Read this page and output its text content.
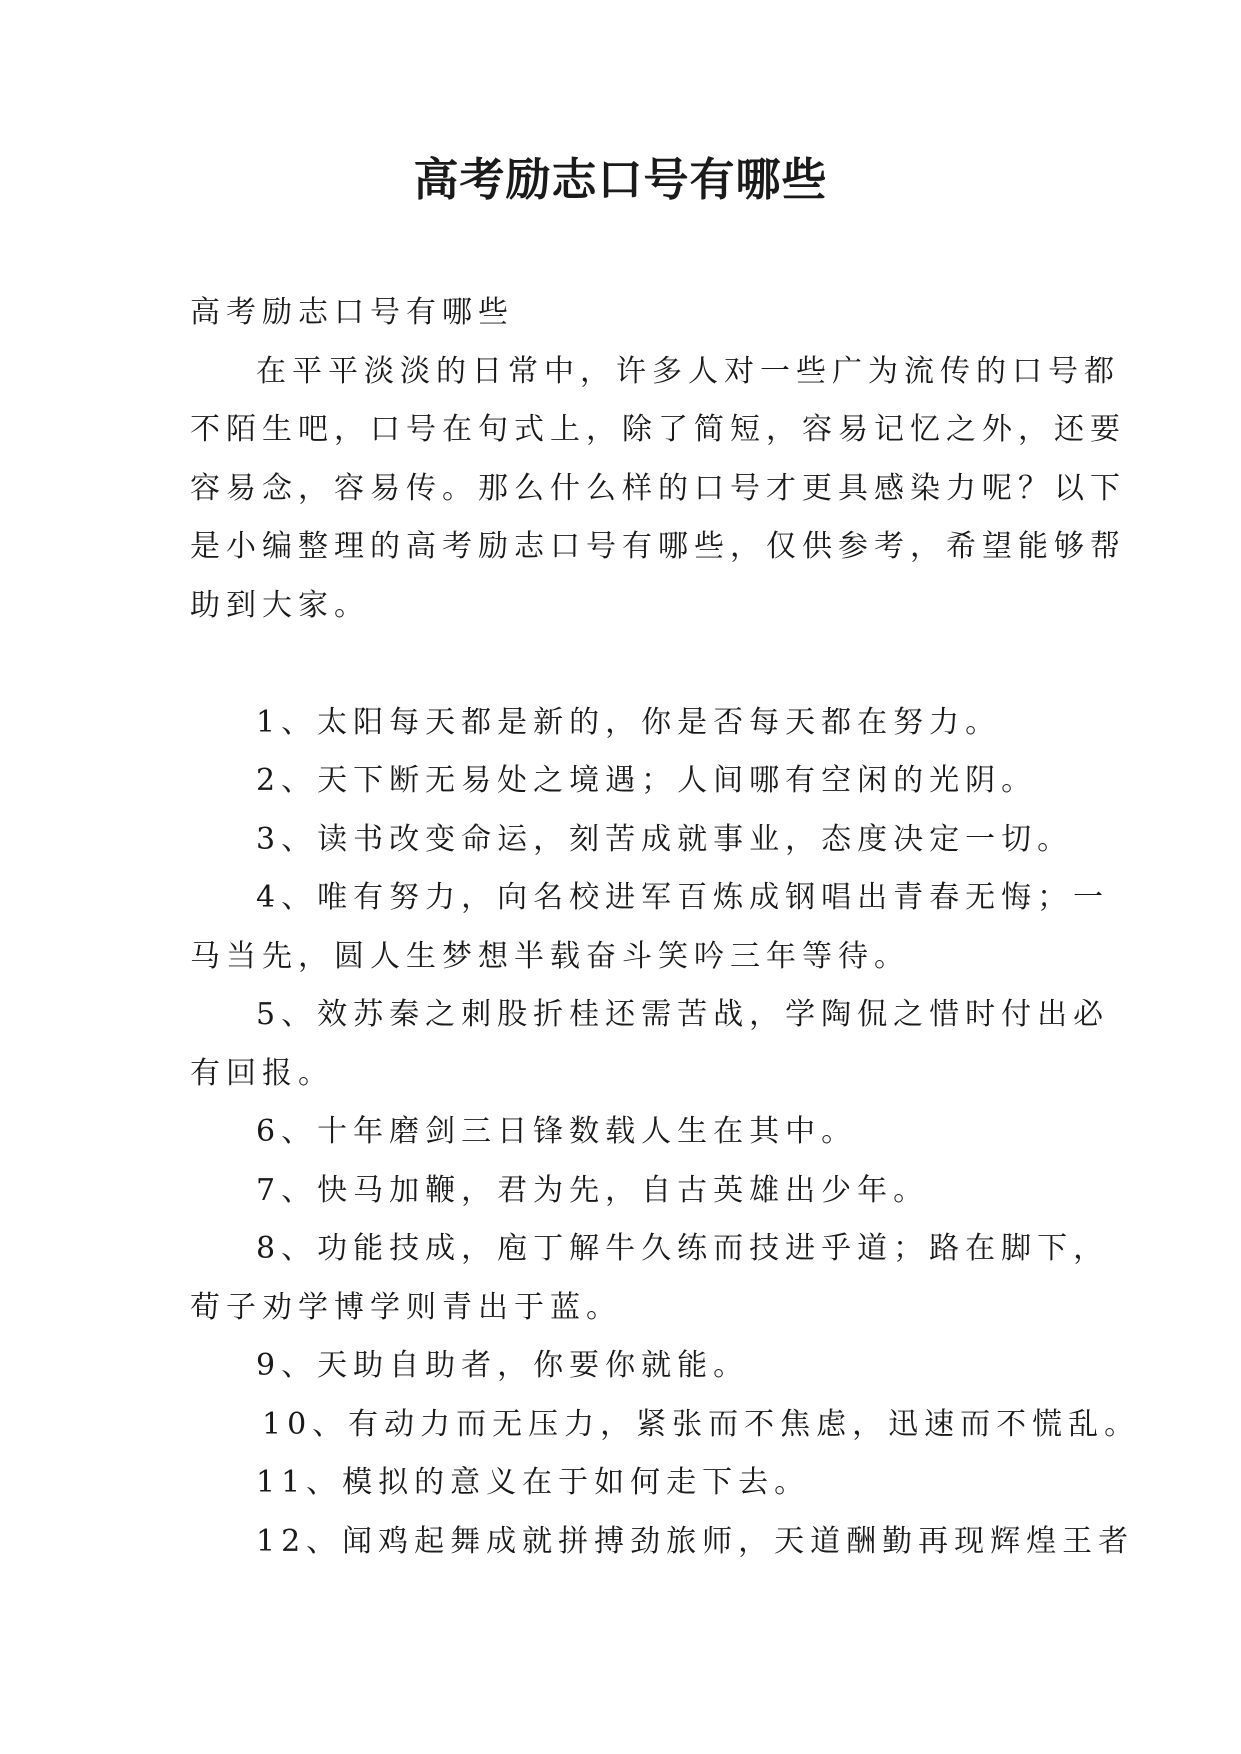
高考励志口号有哪些
高考励志口号有哪些
在平平淡淡的日常中，许多人对一些广为流传的口号都
不陌生吧，口号在句式上，除了简短，容易记忆之外，还要
容易念，容易传。那么什么样的口号才更具感染力呢？以下
是小编整理的高考励志口号有哪些，仅供参考，希望能够帮
助到大家。
1、太阳每天都是新的，你是否每天都在努力。
2、天下断无易处之境遇；人间哪有空闲的光阴。
3、读书改变命运，刻苦成就事业，态度决定一切。
4、唯有努力，向名校进军百炼成钢唱出青春无悔；一
马当先，圆人生梦想半载奋斗笑吟三年等待。
5、效苏秦之刺股折桂还需苦战，学陶侃之惜时付出必
有回报。
6、十年磨剑三日锋数载人生在其中。
7、快马加鞭，君为先，自古英雄出少年。
8、功能技成，庖丁解牛久练而技进乎道；路在脚下，
荀子劝学博学则青出于蓝。
9、天助自助者，你要你就能。
10、有动力而无压力，紧张而不焦虑，迅速而不慌乱。
11、模拟的意义在于如何走下去。
12、闻鸡起舞成就拼搏劲旅师，天道酬勤再现辉煌王者
